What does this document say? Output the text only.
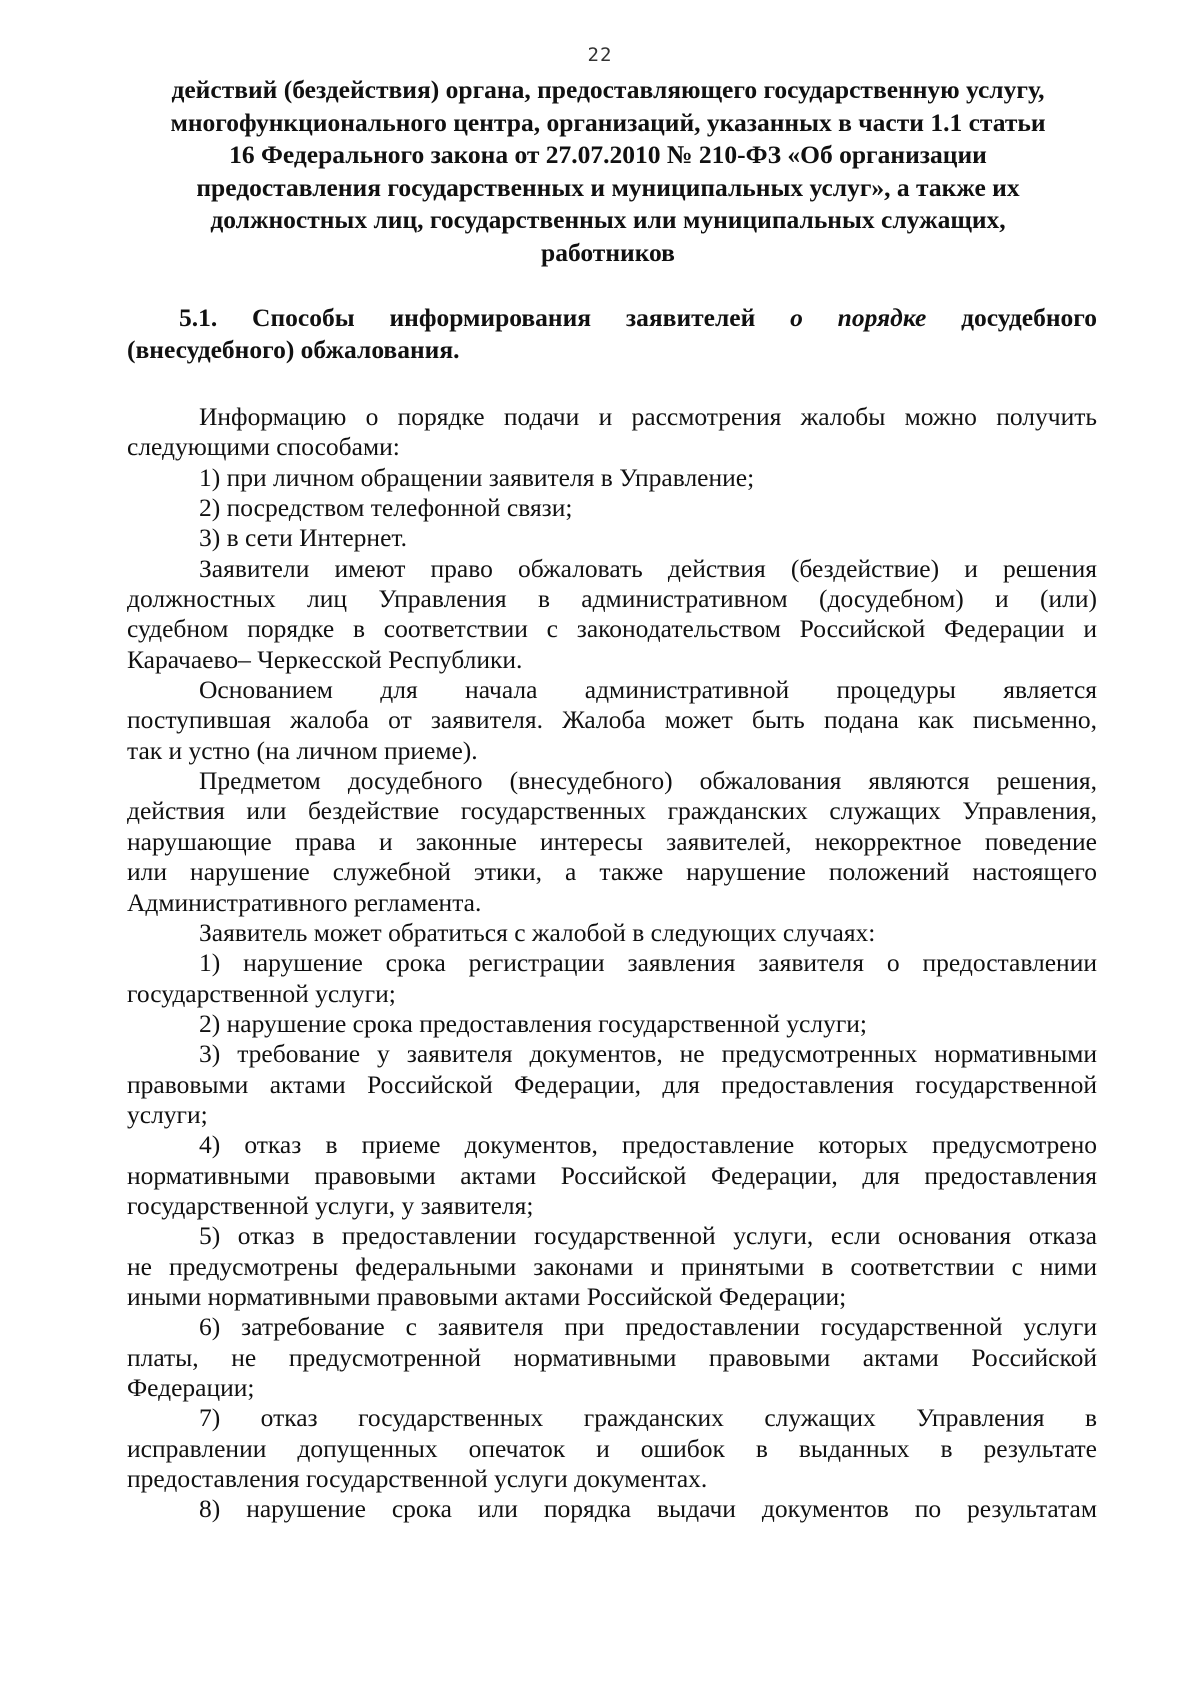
22
действий (бездействия) органа, предоставляющего государственную услугу,
многофункционального центра, организаций, указанных в части 1.1 статьи
16 Федерального закона от 27.07.2010 № 210-ФЗ «Об организации
предоставления государственных и муниципальных услуг», а также их
должностных лиц, государственных или муниципальных служащих,
работников
5.1. Способы информирования заявителей о порядке досудебного
(внесудебного) обжалования.
Информацию о порядке подачи и рассмотрения жалобы можно получить
следующими способами:
1) при личном обращении заявителя в Управление;
2) посредством телефонной связи;
3) в сети Интернет.
Заявители имеют право обжаловать действия (бездействие) и решения
должностных лиц Управления в административном (досудебном) и (или)
судебном порядке в соответствии с законодательством Российской Федерации и
Карачаево– Черкесской Республики.
Основанием для начала административной процедуры является
поступившая жалоба от заявителя. Жалоба может быть подана как письменно,
так и устно (на личном приеме).
Предметом досудебного (внесудебного) обжалования являются решения,
действия или бездействие государственных гражданских служащих Управления,
нарушающие права и законные интересы заявителей, некорректное поведение
или нарушение служебной этики, а также нарушение положений настоящего
Административного регламента.
Заявитель может обратиться с жалобой в следующих случаях:
1) нарушение срока регистрации заявления заявителя о предоставлении
государственной услуги;
2) нарушение срока предоставления государственной услуги;
3) требование у заявителя документов, не предусмотренных нормативными
правовыми актами Российской Федерации, для предоставления государственной
услуги;
4) отказ в приеме документов, предоставление которых предусмотрено
нормативными правовыми актами Российской Федерации, для предоставления
государственной услуги, у заявителя;
5) отказ в предоставлении государственной услуги, если основания отказа
не предусмотрены федеральными законами и принятыми в соответствии с ними
иными нормативными правовыми актами Российской Федерации;
6) затребование с заявителя при предоставлении государственной услуги
платы, не предусмотренной нормативными правовыми актами Российской
Федерации;
7) отказ государственных гражданских служащих Управления в
исправлении допущенных опечаток и ошибок в выданных в результате
предоставления государственной услуги документах.
8) нарушение срока или порядка выдачи документов по результатам
